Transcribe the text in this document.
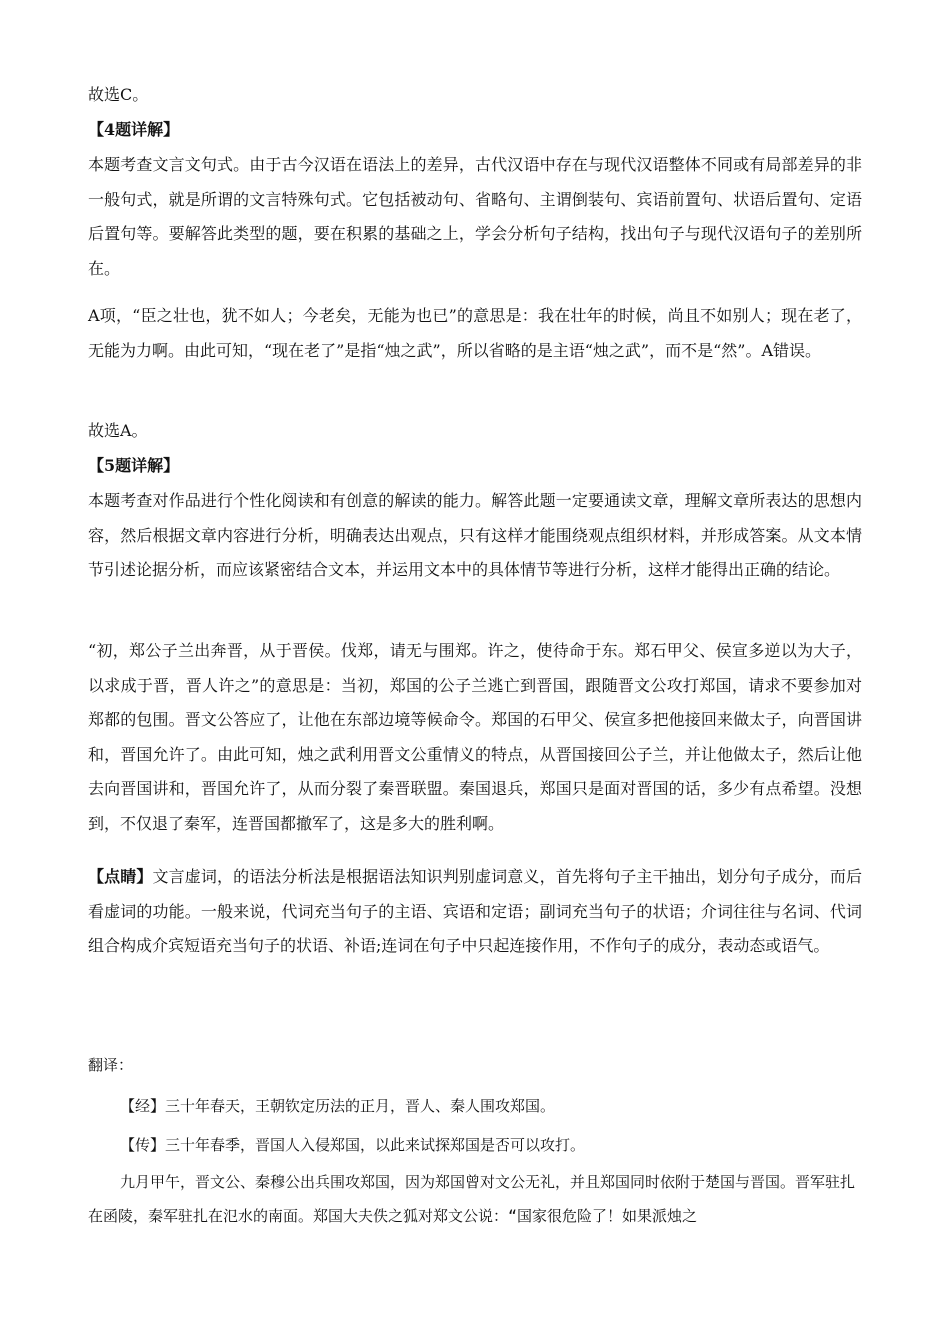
故选C。

【4题详解】

本题考查文言文句式。由于古今汉语在语法上的差异，古代汉语中存在与现代汉语整体不同或有局部差异的非一般句式，就是所谓的文言特殊句式。它包括被动句、省略句、主谓倒装句、宾语前置句、状语后置句、定语后置句等。要解答此类型的题，要在积累的基础之上，学会分析句子结构，找出句子与现代汉语句子的差别所在。

A项，“臣之壮也，犹不如人；今老矣，无能为也已”的意思是：我在壮年的时候，尚且不如别人；现在老了，无能为力啊。由此可知，“现在老了”是指“烛之武”，所以省略的是主语“烛之武”，而不是“然”。A错误。

故选A。

【5题详解】

本题考查对作品进行个性化阅读和有创意的解读的能力。解答此题一定要通读文章，理解文章所表达的思想内容，然后根据文章内容进行分析，明确表达出观点，只有这样才能围绕观点组织材料，并形成答案。从文本情节引述论据分析，而应该紧密结合文本，并运用文本中的具体情节等进行分析，这样才能得出正确的结论。

“初，郑公子兰出奔晋，从于晋侯。伐郑，请无与围郑。许之，使待命于东。郑石甲父、侯宣多逆以为大子，以求成于晋，晋人许之”的意思是：当初，郑国的公子兰逃亡到晋国，跟随晋文公攻打郑国，请求不要参加对郑都的包围。晋文公答应了，让他在东部边境等候命令。郑国的石甲父、侯宣多把他接回来做太子，向晋国讲和，晋国允许了。由此可知，烛之武利用晋文公重情义的特点，从晋国接回公子兰，并让他做太子，然后让他去向晋国讲和，晋国允许了，从而分裂了秦晋联盟。秦国退兵，郑国只是面对晋国的话，多少有点希望。没想到，不仅退了秦军，连晋国都撤军了，这是多大的胜利啊。

【点睛】文言虚词，的语法分析法是根据语法知识判别虚词意义，首先将句子主干抽出，划分句子成分，而后看虚词的功能。一般来说，代词充当句子的主语、宾语和定语；副词充当句子的状语；介词往往与名词、代词组合构成介宾短语充当句子的状语、补语;连词在句子中只起连接作用，不作句子的成分，表动态或语气。

翻译：

【经】三十年春天，王朝钦定历法的正月，晋人、秦人围攻郑国。

【传】三十年春季，晋国人入侵郑国，以此来试探郑国是否可以攻打。

九月甲午，晋文公、秦穆公出兵围攻郑国，因为郑国曾对文公无礼，并且郑国同时依附于楚国与晋国。晋军驻扎在函陵，秦军驻扎在氾水的南面。郑国大夫佚之狐对郑文公说：“国家很危险了！如果派烛之
